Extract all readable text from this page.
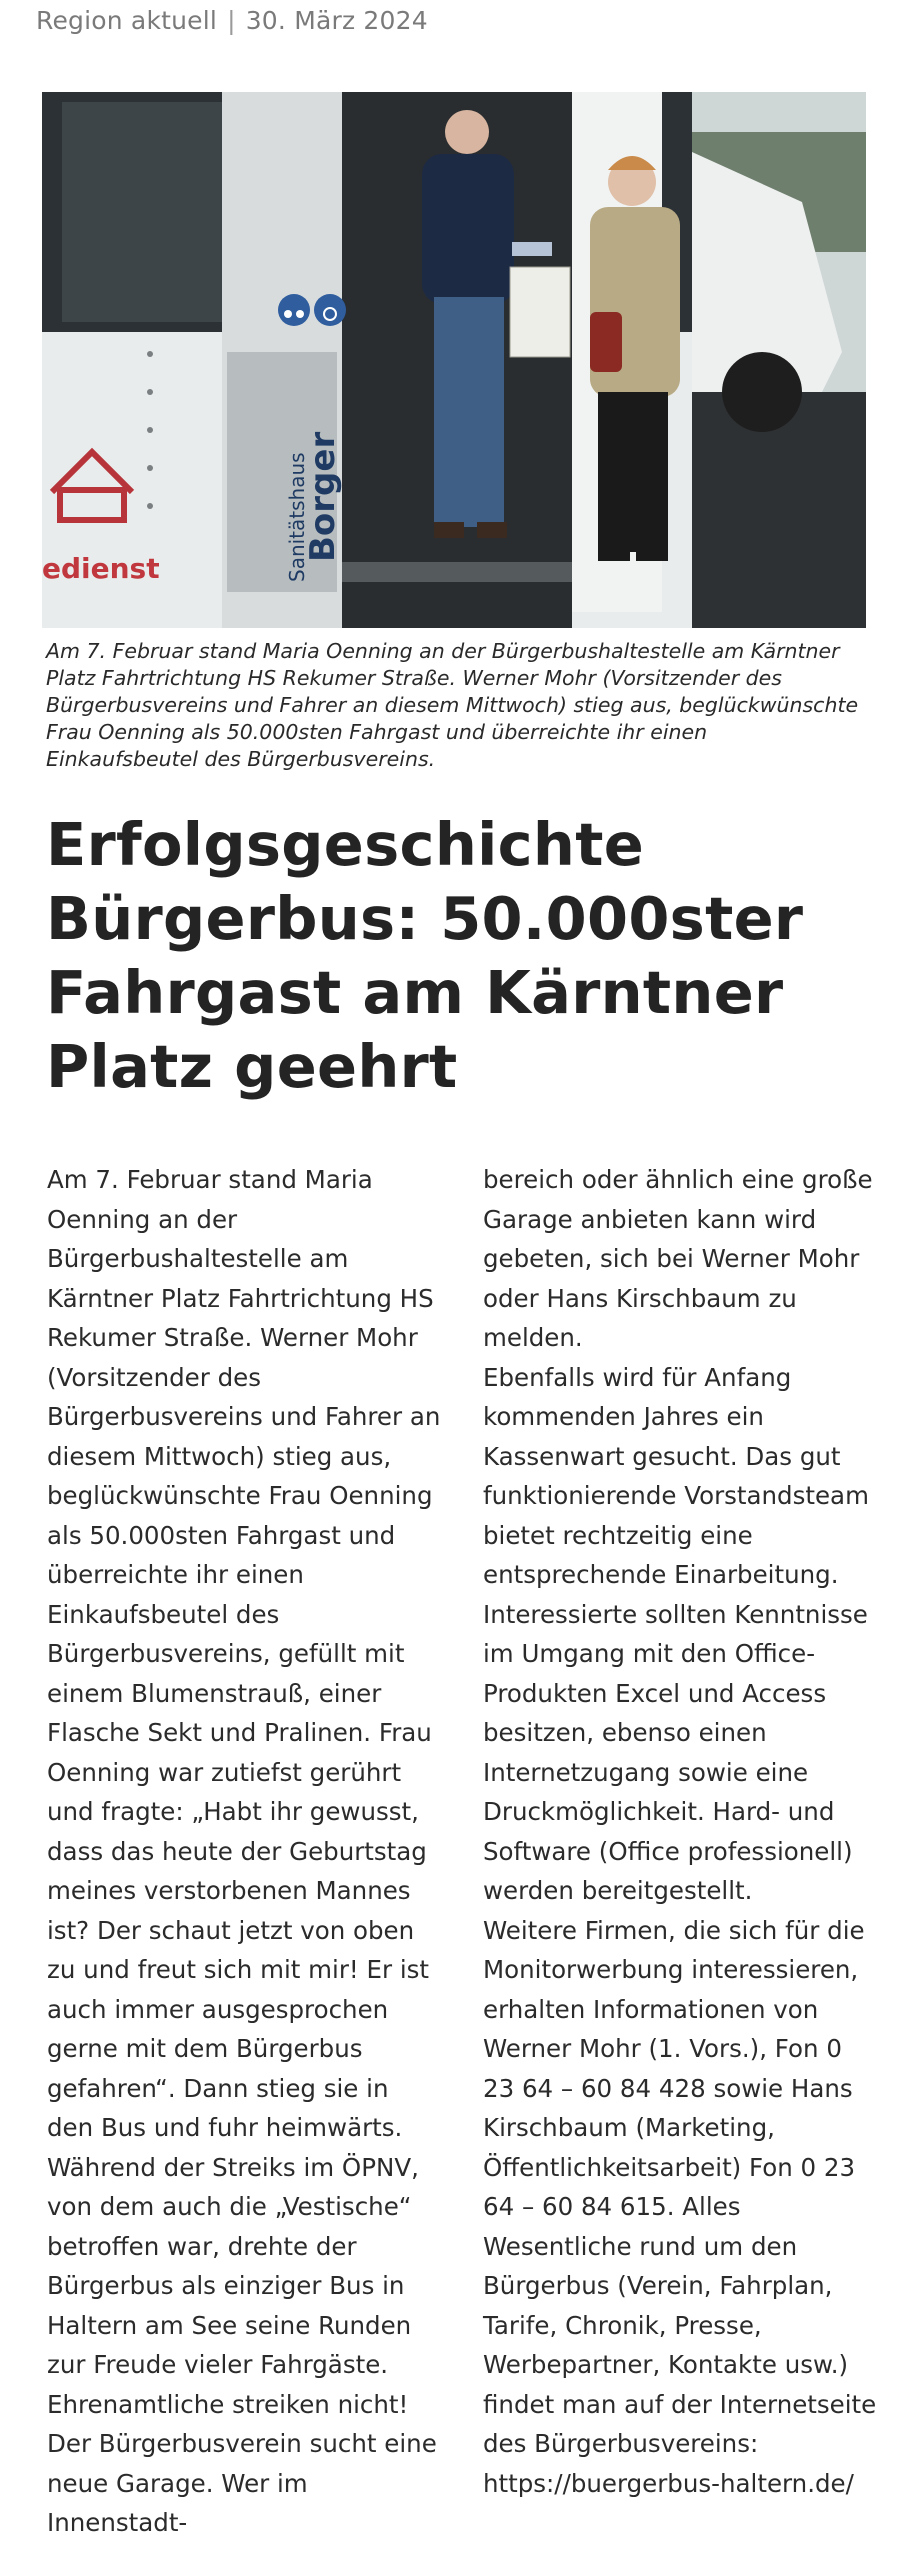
Region aktuell | 30. März 2024
edienst	Sanitätshaus
Borger
Am 7. Februar stand Maria Oenning an der Bürgerbushaltestelle am Kärntner Platz Fahrtrichtung HS Rekumer Straße. Werner Mohr (Vorsitzender des Bürgerbusvereins und Fahrer an diesem Mittwoch) stieg aus, beglückwünschte Frau Oenning als 50.000sten Fahrgast und überreichte ihr einen Einkaufsbeutel des Bürgerbusvereins.
Erfolgsgeschichte Bürgerbus: 50.000ster Fahrgast am Kärntner Platz geehrt

Am 7. Februar stand Maria Oenning an der Bürgerbushaltestelle am Kärntner Platz Fahrtrichtung HS Rekumer Straße. Werner Mohr (Vorsitzender des Bürgerbusvereins und Fahrer an diesem Mittwoch) stieg aus, beglückwünschte Frau Oenning als 50.000sten Fahrgast und überreichte ihr einen Einkaufsbeutel des Bürgerbusvereins, gefüllt mit einem Blumenstrauß, einer Flasche Sekt und Pralinen. Frau Oenning war zutiefst gerührt und fragte: „Habt ihr gewusst, dass das heute der Geburtstag meines verstorbenen Mannes ist? Der schaut jetzt von oben zu und freut sich mit mir! Er ist auch immer ausgesprochen gerne mit dem Bürgerbus gefahren“. Dann stieg sie in den Bus und fuhr heimwärts.

Während der Streiks im ÖPNV, von dem auch die „Vestische“ betroffen war, drehte der Bürgerbus als einziger Bus in Haltern am See seine Runden zur Freude vieler Fahrgäste. Ehrenamtliche streiken nicht!

Der Bürgerbusverein sucht eine neue Garage. Wer im Innenstadt-

bereich oder ähnlich eine große Garage anbieten kann wird gebeten, sich bei Werner Mohr oder Hans Kirschbaum zu melden.

Ebenfalls wird für Anfang kommenden Jahres ein Kassenwart gesucht. Das gut funktionierende Vorstandsteam bietet rechtzeitig eine entsprechende Einarbeitung. Interessierte sollten Kenntnisse im Umgang mit den Office-Produkten Excel und Access besitzen, ebenso einen Internetzugang sowie eine Druckmöglichkeit. Hard- und Software (Office professionell) werden bereitgestellt.

Weitere Firmen, die sich für die Monitorwerbung interessieren, erhalten Informationen von Werner Mohr (1. Vors.), Fon 0 23 64 – 60 84 428 sowie Hans Kirschbaum (Marketing, Öffentlichkeitsarbeit) Fon 0 23 64 – 60 84 615. Alles Wesentliche rund um den Bürgerbus (Verein, Fahrplan, Tarife, Chronik, Presse, Werbepartner, Kontakte usw.) findet man auf der Internetseite des Bürgerbusvereins: https://buergerbus-haltern.de/
